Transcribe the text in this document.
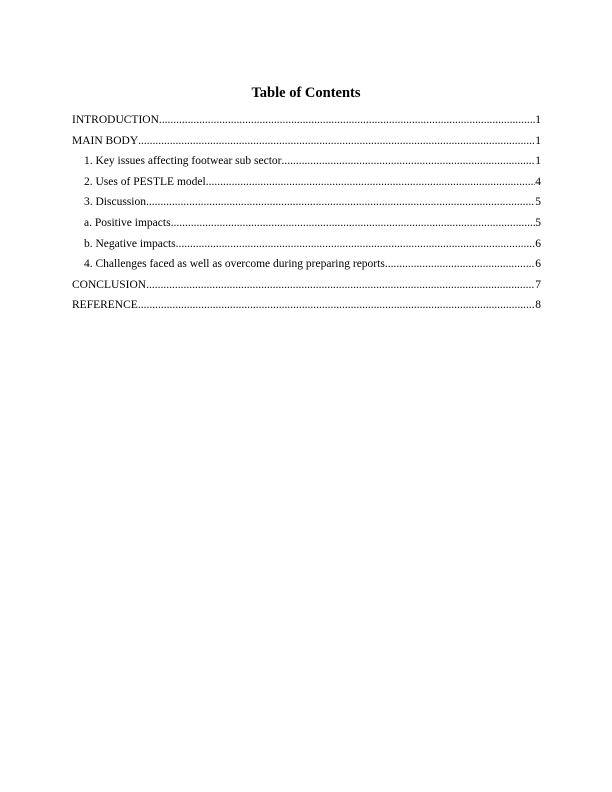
Table of Contents
INTRODUCTION .....	1
MAIN BODY .....	1
1. Key issues affecting footwear sub sector .....	1
2. Uses of PESTLE model .....	4
3. Discussion .....	5
a. Positive impacts .....	5
b. Negative impacts .....	6
4. Challenges faced as well as overcome during preparing reports .....	6
CONCLUSION .....	7
REFERENCE .....	8
